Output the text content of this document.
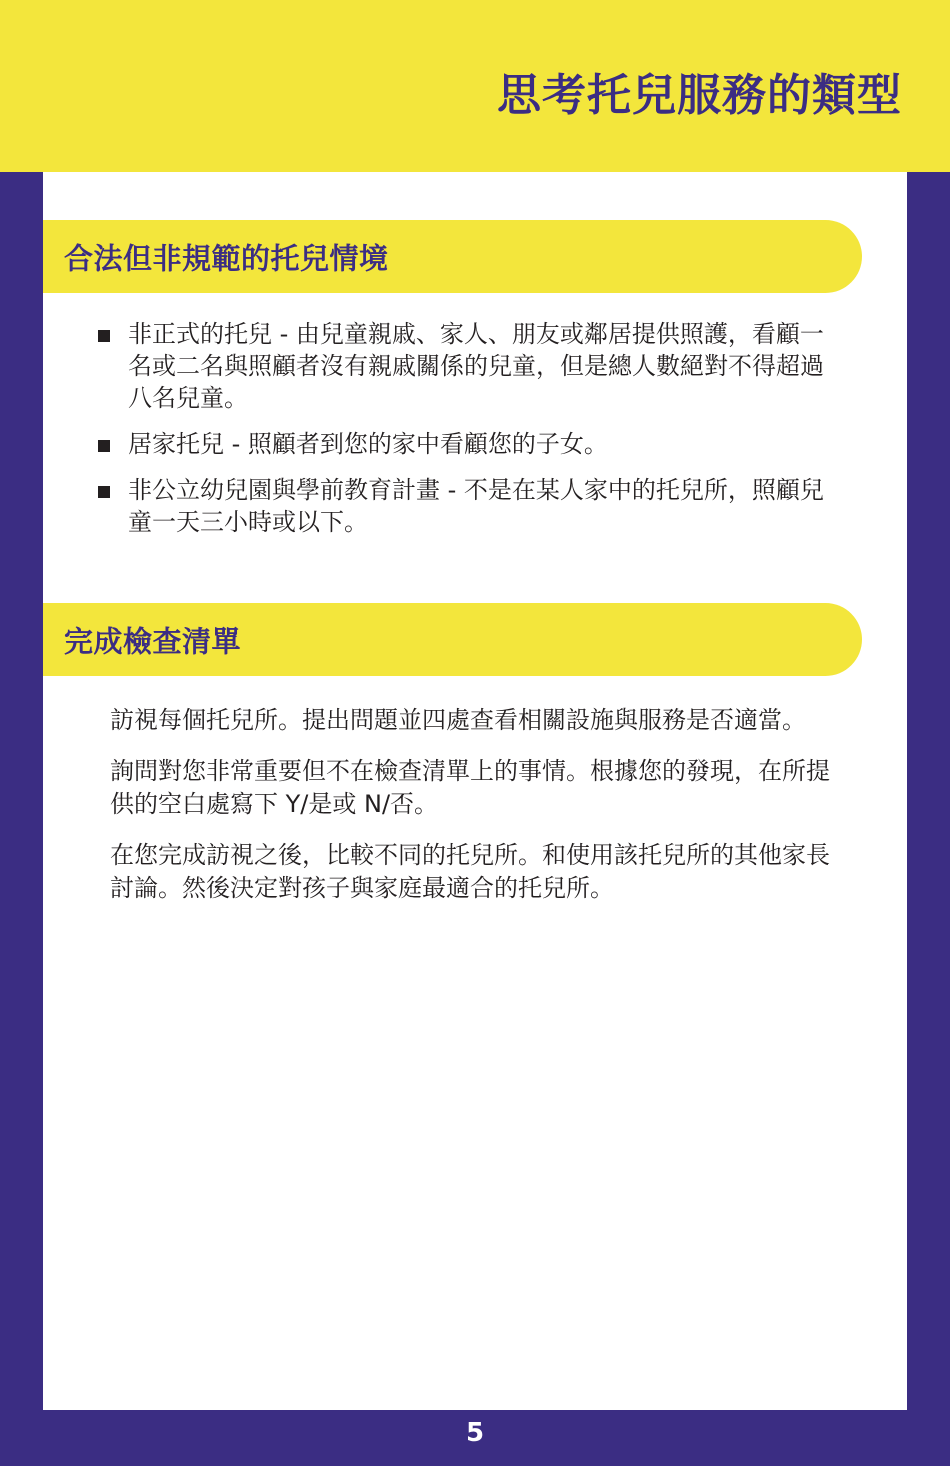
思考托兒服務的類型
合法但非規範的托兒情境
非正式的托兒 - 由兒童親戚、家人、朋友或鄰居提供照護，看顧一名或二名與照顧者沒有親戚關係的兒童，但是總人數絕對不得超過八名兒童。
居家托兒 - 照顧者到您的家中看顧您的子女。
非公立幼兒園與學前教育計畫 - 不是在某人家中的托兒所，照顧兒童一天三小時或以下。
完成檢查清單

訪視每個托兒所。提出問題並四處查看相關設施與服務是否適當。

詢問對您非常重要但不在檢查清單上的事情。根據您的發現，在所提供的空白處寫下 Y/是或 N/否。

在您完成訪視之後，比較不同的托兒所。和使用該托兒所的其他家長討論。然後決定對孩子與家庭最適合的托兒所。

5
